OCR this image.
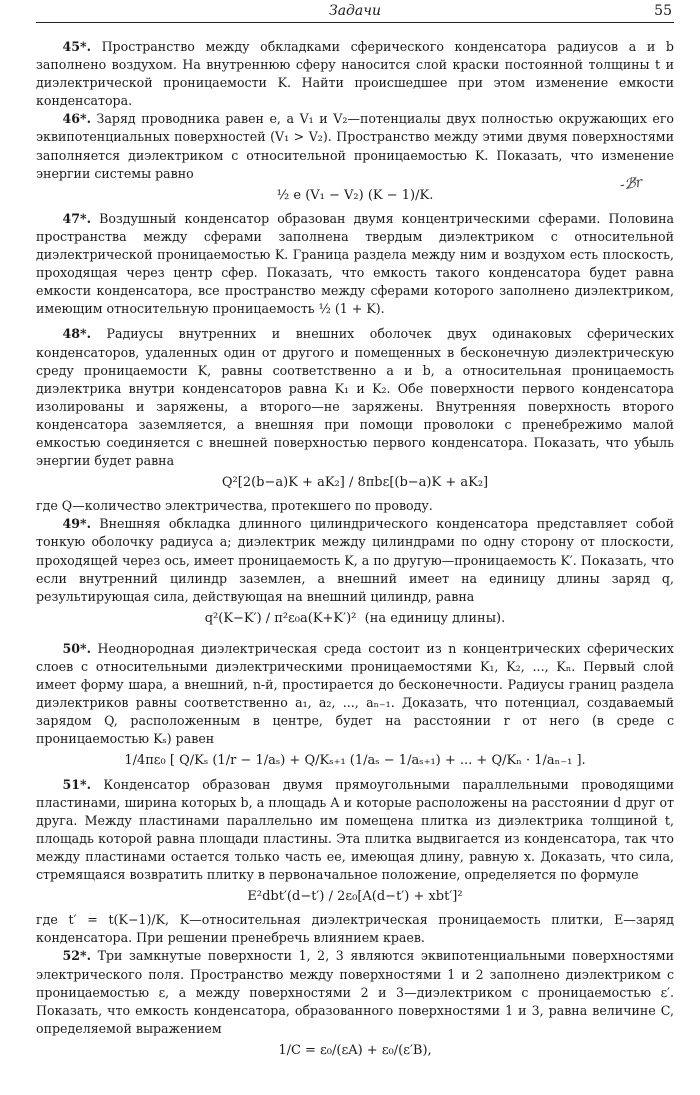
Задачи	55
-ℬ̸r

45*. Пространство между обкладками сферического конденсатора радиусов a и b заполнено воздухом. На внутреннюю сферу наносится слой краски постоянной толщины t и диэлектрической проницаемости K. Найти происшедшее при этом изменение емкости конденсатора.

46*. Заряд проводника равен e, а V₁ и V₂—потенциалы двух полностью окружающих его эквипотенциальных поверхностей (V₁ > V₂). Пространство между этими двумя поверхностями заполняется диэлектриком с относительной проницаемостью K. Показать, что изменение энергии системы равно

½ e (V₁ − V₂) (K − 1)/K.

47*. Воздушный конденсатор образован двумя концентрическими сферами. Половина пространства между сферами заполнена твердым диэлектриком с относительной диэлектрической проницаемостью K. Граница раздела между ним и воздухом есть плоскость, проходящая через центр сфер. Показать, что емкость такого конденсатора будет равна емкости конденсатора, все пространство между сферами которого заполнено диэлектриком, имеющим относительную проницаемость ½ (1 + K).

48*. Радиусы внутренних и внешних оболочек двух одинаковых сферических конденсаторов, удаленных один от другого и помещенных в бесконечную диэлектрическую среду проницаемости K, равны соответственно a и b, а относительная проницаемость диэлектрика внутри конденсаторов равна K₁ и K₂. Обе поверхности первого конденсатора изолированы и заряжены, а второго—не заряжены. Внутренняя поверхность второго конденсатора заземляется, а внешняя при помощи проволоки с пренебрежимо малой емкостью соединяется с внешней поверхностью первого конденсатора. Показать, что убыль энергии будет равна

Q²[2(b−a)K + aK₂] / 8πbε[(b−a)K + aK₂]

где Q—количество электричества, протекшего по проводу.

49*. Внешняя обкладка длинного цилиндрического конденсатора представляет собой тонкую оболочку радиуса a; диэлектрик между цилиндрами по одну сторону от плоскости, проходящей через ось, имеет проницаемость K, а по другую—проницаемость K′. Показать, что если внутренний цилиндр заземлен, а внешний имеет на единицу длины заряд q, результирующая сила, действующая на внешний цилиндр, равна

q²(K−K′) / π²ε₀a(K+K′)² (на единицу длины).

50*. Неоднородная диэлектрическая среда состоит из n концентрических сферических слоев с относительными диэлектрическими проницаемостями K₁, K₂, ..., Kₙ. Первый слой имеет форму шара, а внешний, n-й, простирается до бесконечности. Радиусы границ раздела диэлектриков равны соответственно a₁, a₂, ..., aₙ₋₁. Доказать, что потенциал, создаваемый зарядом Q, расположенным в центре, будет на расстоянии r от него (в среде с проницаемостью Kₛ) равен

1/4πε₀ [ Q/Kₛ (1/r − 1/aₛ) + Q/Kₛ₊₁ (1/aₛ − 1/aₛ₊₁) + ... + Q/Kₙ · 1/aₙ₋₁ ].

51*. Конденсатор образован двумя прямоугольными параллельными проводящими пластинами, ширина которых b, а площадь A и которые расположены на расстоянии d друг от друга. Между пластинами параллельно им помещена плитка из диэлектрика толщиной t, площадь которой равна площади пластины. Эта плитка выдвигается из конденсатора, так что между пластинами остается только часть ее, имеющая длину, равную x. Доказать, что сила, стремящаяся возвратить плитку в первоначальное положение, определяется по формуле

E²dbt′(d−t′) / 2ε₀[A(d−t′) + xbt′]²

где t′ = t(K−1)/K, K—относительная диэлектрическая проницаемость плитки, E—заряд конденсатора. При решении пренебречь влиянием краев.

52*. Три замкнутые поверхности 1, 2, 3 являются эквипотенциальными поверхностями электрического поля. Пространство между поверхностями 1 и 2 заполнено диэлектриком с проницаемостью ε, а между поверхностями 2 и 3—диэлектриком с проницаемостью ε′. Показать, что емкость конденсатора, образованного поверхностями 1 и 3, равна величине C, определяемой выражением

1/C = ε₀/(εA) + ε₀/(ε′B),
